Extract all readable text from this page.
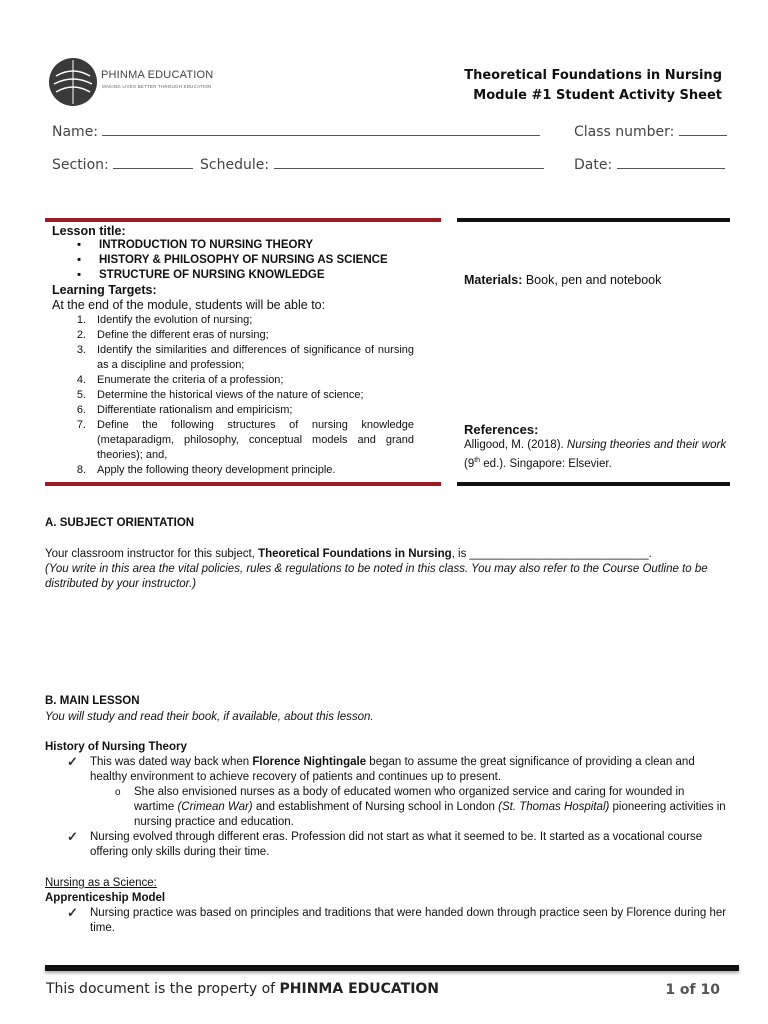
PHINMA EDUCATION
MAKING LIVES BETTER THROUGH EDUCATION
Theoretical Foundations in Nursing
Module #1 Student Activity Sheet
Name:	Class number:
Section:	Schedule:	Date:
Lesson title:
▪ INTRODUCTION TO NURSING THEORY
▪ HISTORY & PHILOSOPHY OF NURSING AS SCIENCE
▪ STRUCTURE OF NURSING KNOWLEDGE
Learning Targets:
At the end of the module, students will be able to:
1. Identify the evolution of nursing;
2. Define the different eras of nursing;
3. Identify the similarities and differences of significance of nursing as a discipline and profession;
4. Enumerate the criteria of a profession;
5. Determine the historical views of the nature of science;
6. Differentiate rationalism and empiricism;
7. Define the following structures of nursing knowledge (metaparadigm, philosophy, conceptual models and grand theories); and,
8. Apply the following theory development principle.
Materials: Book, pen and notebook
References:
Alligood, M. (2018). Nursing theories and their work (9th ed.). Singapore: Elsevier.
A. SUBJECT ORIENTATION
Your classroom instructor for this subject, Theoretical Foundations in Nursing, is ____________________________.
(You write in this area the vital policies, rules & regulations to be noted in this class. You may also refer to the Course Outline to be distributed by your instructor.)
B. MAIN LESSON
You will study and read their book, if available, about this lesson.
History of Nursing Theory
✓	This was dated way back when Florence Nightingale began to assume the great significance of providing a clean and healthy environment to achieve recovery of patients and continues up to present.
o She also envisioned nurses as a body of educated women who organized service and caring for wounded in wartime (Crimean War) and establishment of Nursing school in London (St. Thomas Hospital) pioneering activities in nursing practice and education.
✓	Nursing evolved through different eras. Profession did not start as what it seemed to be. It started as a vocational course offering only skills during their time.
Nursing as a Science:
Apprenticeship Model
✓	Nursing practice was based on principles and traditions that were handed down through practice seen by Florence during her time.
This document is the property of PHINMA EDUCATION	1 of 10
